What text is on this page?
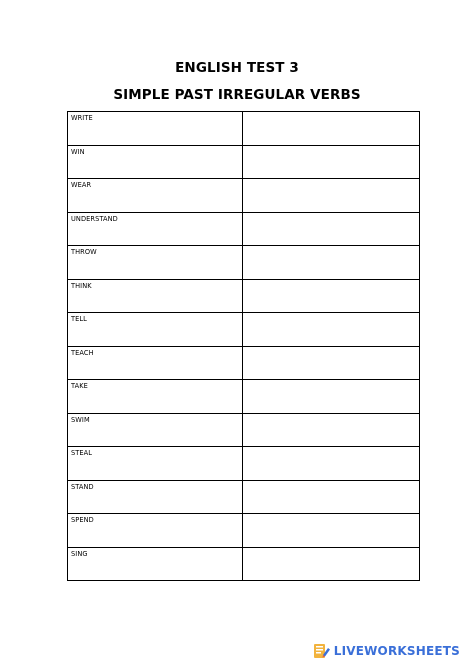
ENGLISH TEST 3
SIMPLE PAST IRREGULAR VERBS
WRITE	

WIN	

WEAR	

UNDERSTAND	

THROW	

THINK	

TELL	

TEACH	

TAKE	

SWIM	

STEAL	

STAND	

SPEND	

SING	

LIVEWORKSHEETS
